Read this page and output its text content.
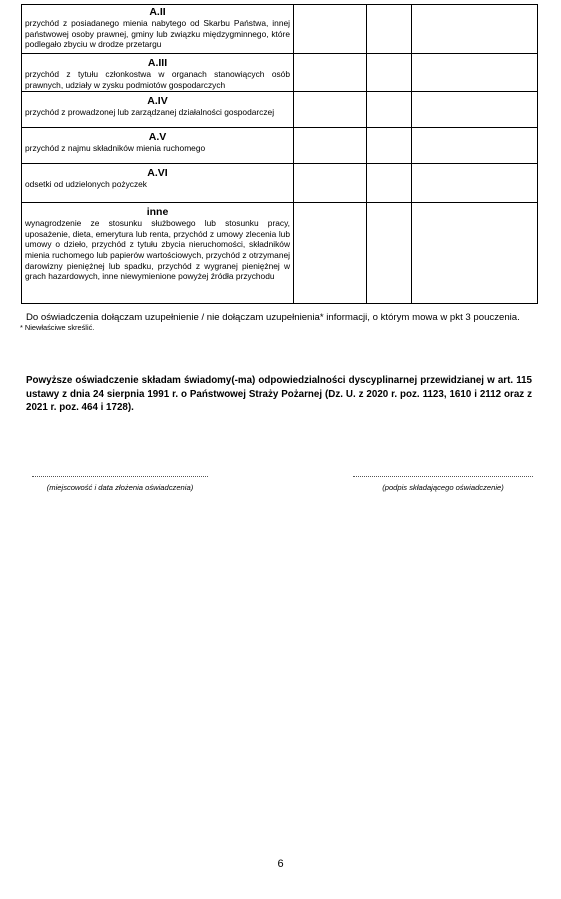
A.II

przychód z posiadanego mienia nabytego od Skarbu Państwa, innej państwowej osoby prawnej, gminy lub związku międzygminnego, które podlegało zbyciu w drodze przetargu			

A.III

przychód z tytułu członkostwa w organach stanowiących osób prawnych, udziały w zysku podmiotów gospodarczych			

A.IV

przychód z prowadzonej lub zarządzanej działalności gospodarczej			

A.V

przychód z najmu składników mienia ruchomego			

A.VI

odsetki od udzielonych pożyczek			

inne

wynagrodzenie ze stosunku służbowego lub stosunku pracy, uposażenie, dieta, emerytura lub renta, przychód z umowy zlecenia lub umowy o dzieło, przychód z tytułu zbycia nieruchomości, składników mienia ruchomego lub papierów wartościowych, przychód z otrzymanej darowizny pieniężnej lub spadku, przychód z wygranej pieniężnej w grach hazardowych, inne niewymienione powyżej źródła przychodu			

Do oświadczenia dołączam uzupełnienie / nie dołączam uzupełnienia* informacji, o którym mowa w pkt 3 pouczenia.

* Niewłaściwe skreślić.

Powyższe oświadczenie składam świadomy(-ma) odpowiedzialności dyscyplinarnej przewidzianej w art. 115 ustawy z dnia 24 sierpnia 1991 r. o Państwowej Straży Pożarnej (Dz. U. z 2020 r. poz. 1123, 1610 i 2112 oraz z 2021 r. poz. 464 i 1728).

(miejscowość i data złożenia oświadczenia)	(podpis składającego oświadczenie)
6
